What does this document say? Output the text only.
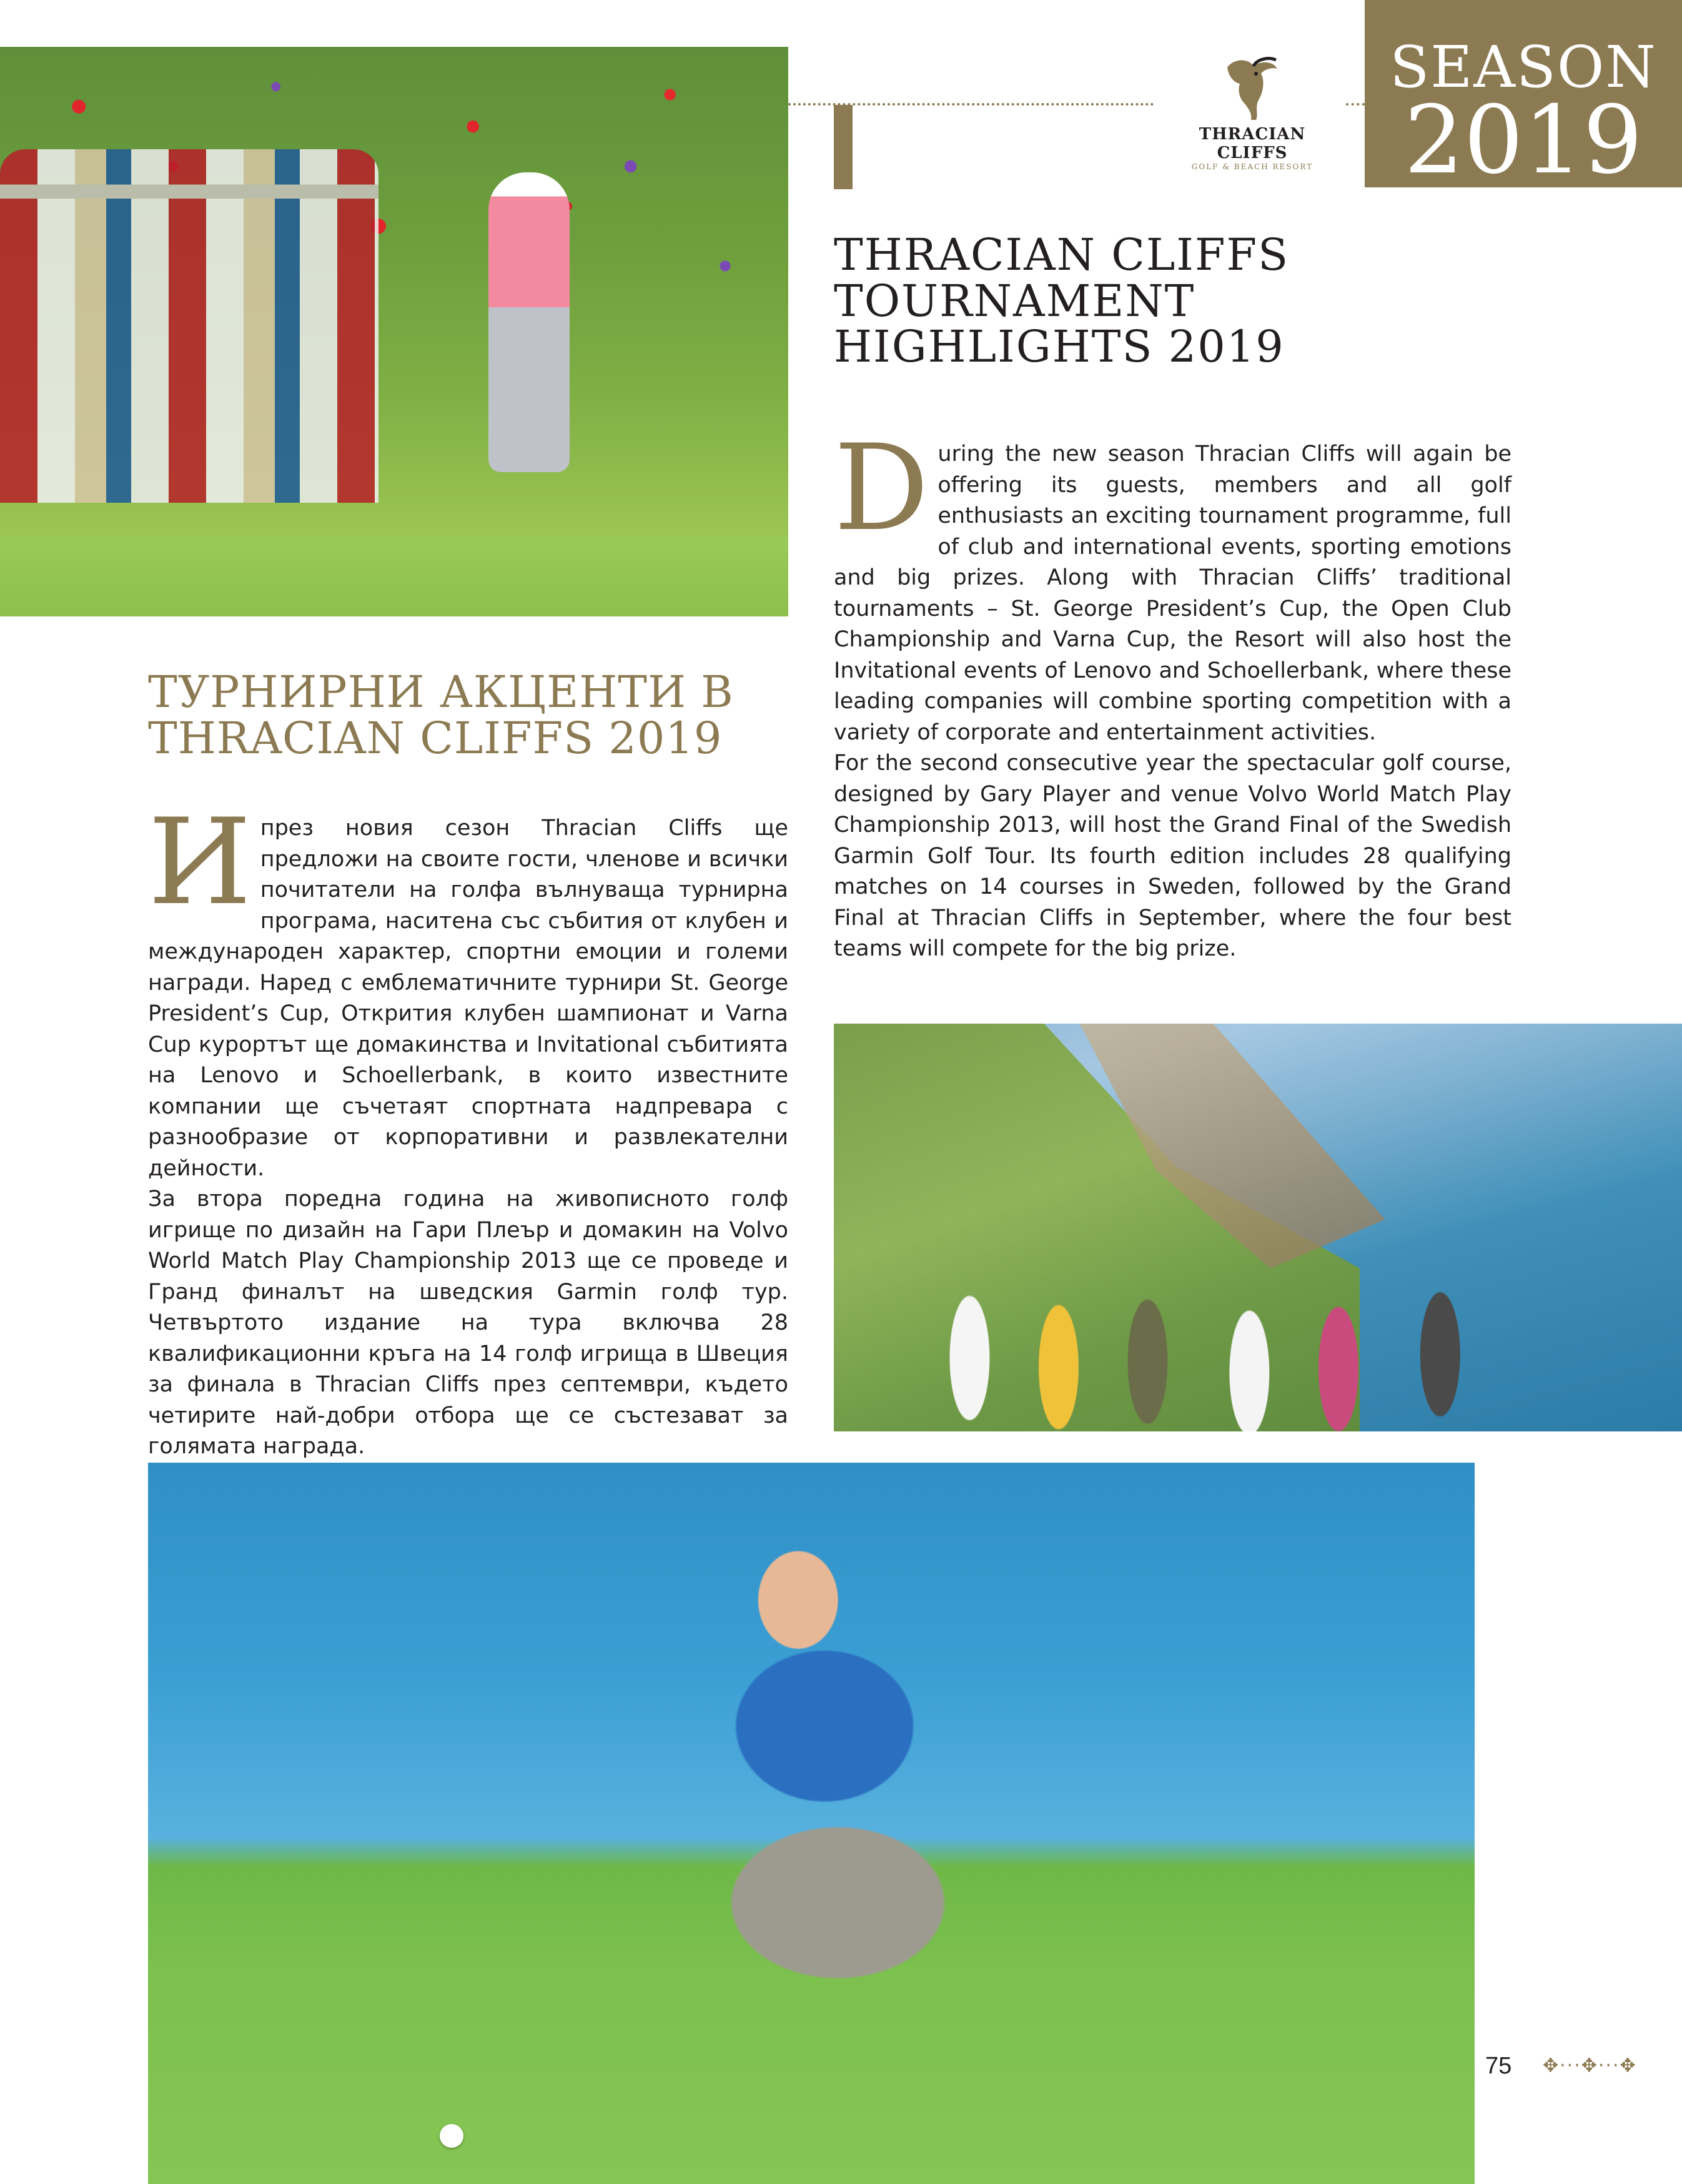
THRACIAN CLIFFS
GOLF & BEACH RESORT
SEASON
2019
THRACIAN CLIFFS
TOURNAMENT
HIGHLIGHTS 2019
D uring the new season Thracian Cliffs will again be offering its guests, members and all golf enthusiasts an exciting tournament programme, full of club and international events, sporting emotions and big prizes. Along with Thracian Cliffs’ traditional tournaments – St. George President’s Cup, the Open Club Championship and Varna Cup, the Resort will also host the Invitational events of Lenovo and Schoellerbank, where these leading companies will combine sporting competition with a variety of corporate and entertainment activities.

For the second consecutive year the spectacular golf course, designed by Gary Player and venue Volvo World Match Play Championship 2013, will host the Grand Final of the Swedish Garmin Golf Tour. Its fourth edition includes 28 qualifying matches on 14 courses in Sweden, followed by the Grand Final at Thracian Cliffs in September, where the four best teams will compete for the big prize.

ТУРНИРНИ АКЦЕНТИ В
THRACIAN CLIFFS 2019
И през новия сезон Thracian Cliffs ще предложи на своите гости, членове и всички почитатели на голфа вълнуваща турнирна програма, наситена със събития от клубен и международен характер, спортни емоции и големи награди. Наред с емблематичните турнири St. George President’s Cup, Открития клубен шампионат и Varna Cup курортът ще домакинства и Invitational събитията на Lenovo и Schoellerbank, в които известните компании ще съчетаят спортната надпревара с разнообразие от корпоративни и развлекателни дейности.

За втора поредна година на живописното голф игрище по дизайн на Гари Плеър и домакин на Volvo World Match Play Championship 2013 ще се проведе и Гранд финалът на шведския Garmin голф тур. Четвъртото издание на тура включва 28 квалификационни кръга на 14 голф игрища в Швеция за финала в Thracian Cliffs през септември, където четирите най-добри отбора ще се състезават за голямата награда.

75 ✥···✥···✥
